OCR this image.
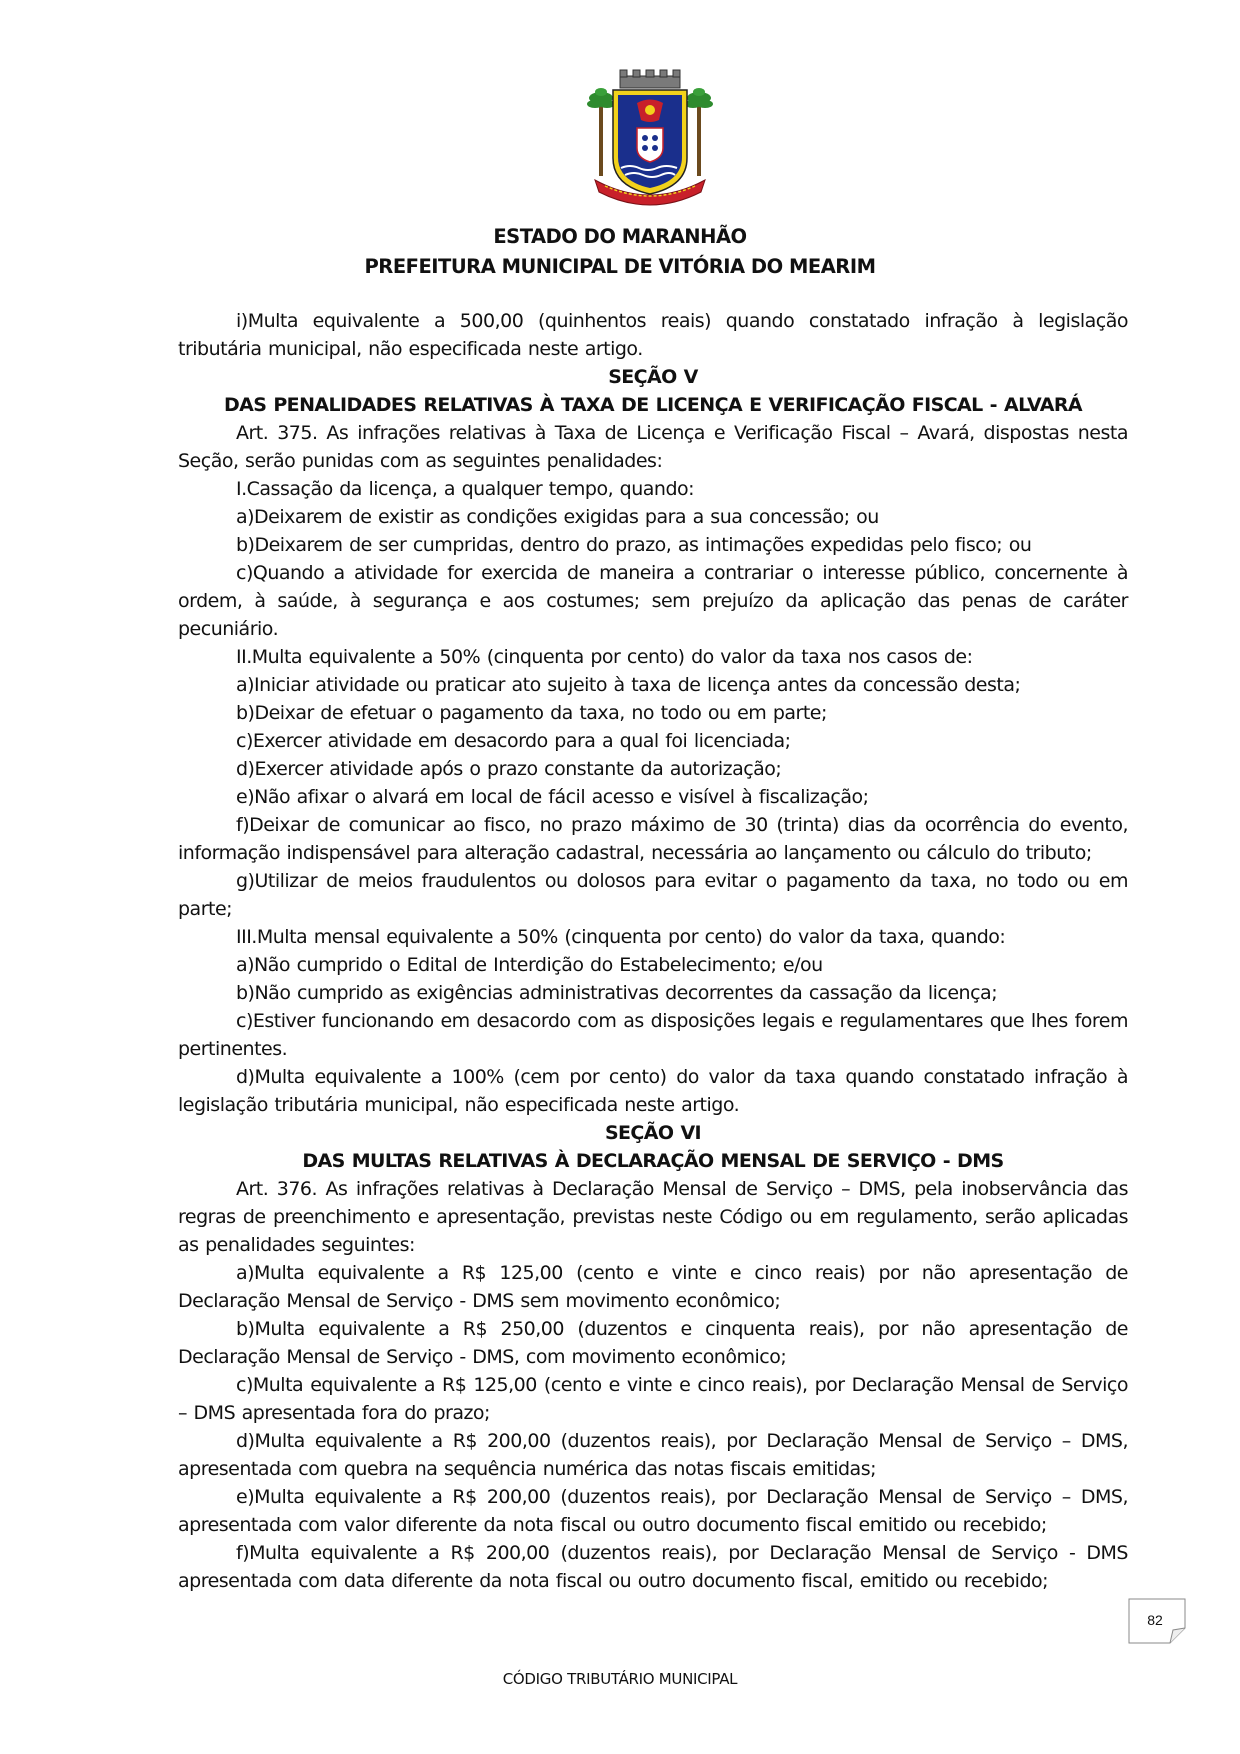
ESTADO DO MARANHÃO
PREFEITURA MUNICIPAL DE VITÓRIA DO MEARIM

i)Multa equivalente a 500,00 (quinhentos reais) quando constatado infração à legislação tributária municipal, não especificada neste artigo.

SEÇÃO V

DAS PENALIDADES RELATIVAS À TAXA DE LICENÇA E VERIFICAÇÃO FISCAL - ALVARÁ

Art. 375. As infrações relativas à Taxa de Licença e Verificação Fiscal – Avará, dispostas nesta Seção, serão punidas com as seguintes penalidades:

I.Cassação da licença, a qualquer tempo, quando:

a)Deixarem de existir as condições exigidas para a sua concessão; ou

b)Deixarem de ser cumpridas, dentro do prazo, as intimações expedidas pelo fisco; ou

c)Quando a atividade for exercida de maneira a contrariar o interesse público, concernente à ordem, à saúde, à segurança e aos costumes; sem prejuízo da aplicação das penas de caráter pecuniário.

II.Multa equivalente a 50% (cinquenta por cento) do valor da taxa nos casos de:

a)Iniciar atividade ou praticar ato sujeito à taxa de licença antes da concessão desta;

b)Deixar de efetuar o pagamento da taxa, no todo ou em parte;

c)Exercer atividade em desacordo para a qual foi licenciada;

d)Exercer atividade após o prazo constante da autorização;

e)Não afixar o alvará em local de fácil acesso e visível à fiscalização;

f)Deixar de comunicar ao fisco, no prazo máximo de 30 (trinta) dias da ocorrência do evento, informação indispensável para alteração cadastral, necessária ao lançamento ou cálculo do tributo;

g)Utilizar de meios fraudulentos ou dolosos para evitar o pagamento da taxa, no todo ou em parte;

III.Multa mensal equivalente a 50% (cinquenta por cento) do valor da taxa, quando:

a)Não cumprido o Edital de Interdição do Estabelecimento; e/ou

b)Não cumprido as exigências administrativas decorrentes da cassação da licença;

c)Estiver funcionando em desacordo com as disposições legais e regulamentares que lhes forem pertinentes.

d)Multa equivalente a 100% (cem por cento) do valor da taxa quando constatado infração à legislação tributária municipal, não especificada neste artigo.

SEÇÃO VI

DAS MULTAS RELATIVAS À DECLARAÇÃO MENSAL DE SERVIÇO - DMS

Art. 376. As infrações relativas à Declaração Mensal de Serviço – DMS, pela inobservância das regras de preenchimento e apresentação, previstas neste Código ou em regulamento, serão aplicadas as penalidades seguintes:

a)Multa equivalente a R$ 125,00 (cento e vinte e cinco reais) por não apresentação de Declaração Mensal de Serviço - DMS sem movimento econômico;

b)Multa equivalente a R$ 250,00 (duzentos e cinquenta reais), por não apresentação de Declaração Mensal de Serviço - DMS, com movimento econômico;

c)Multa equivalente a R$ 125,00 (cento e vinte e cinco reais), por Declaração Mensal de Serviço – DMS apresentada fora do prazo;

d)Multa equivalente a R$ 200,00 (duzentos reais), por Declaração Mensal de Serviço – DMS, apresentada com quebra na sequência numérica das notas fiscais emitidas;

e)Multa equivalente a R$ 200,00 (duzentos reais), por Declaração Mensal de Serviço – DMS, apresentada com valor diferente da nota fiscal ou outro documento fiscal emitido ou recebido;

f)Multa equivalente a R$ 200,00 (duzentos reais), por Declaração Mensal de Serviço - DMS apresentada com data diferente da nota fiscal ou outro documento fiscal, emitido ou recebido;

82
CÓDIGO TRIBUTÁRIO MUNICIPAL
